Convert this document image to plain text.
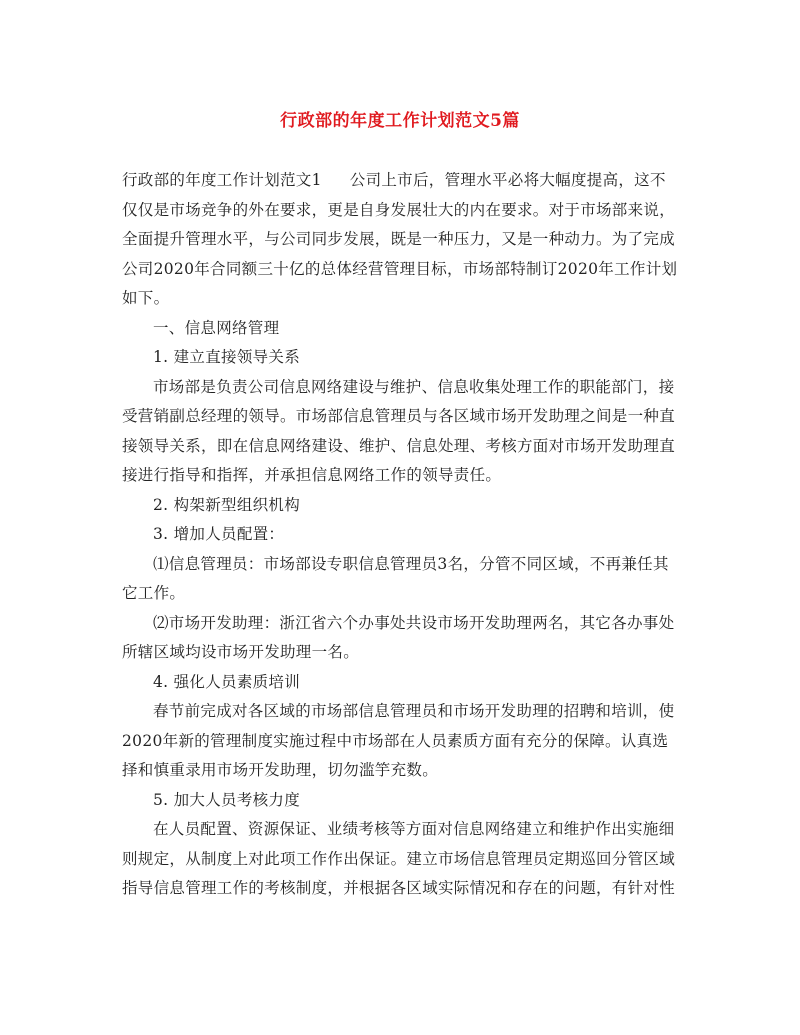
行政部的年度工作计划范文5篇

行政部的年度工作计划范文1 公司上市后，管理水平必将大幅度提高，这不仅仅是市场竞争的外在要求，更是自身发展壮大的内在要求。对于市场部来说，全面提升管理水平，与公司同步发展，既是一种压力，又是一种动力。为了完成公司2020年合同额三十亿的总体经营管理目标，市场部特制订2020年工作计划如下。

一、信息网络管理

1. 建立直接领导关系

市场部是负责公司信息网络建设与维护、信息收集处理工作的职能部门，接受营销副总经理的领导。市场部信息管理员与各区域市场开发助理之间是一种直接领导关系，即在信息网络建设、维护、信息处理、考核方面对市场开发助理直接进行指导和指挥，并承担信息网络工作的领导责任。

2. 构架新型组织机构

3. 增加人员配置：

⑴信息管理员：市场部设专职信息管理员3名，分管不同区域，不再兼任其它工作。

⑵市场开发助理：浙江省六个办事处共设市场开发助理两名，其它各办事处所辖区域均设市场开发助理一名。

4. 强化人员素质培训

春节前完成对各区域的市场部信息管理员和市场开发助理的招聘和培训，使2020年新的管理制度实施过程中市场部在人员素质方面有充分的保障。认真选择和慎重录用市场开发助理，切勿滥竽充数。

5. 加大人员考核力度

在人员配置、资源保证、业绩考核等方面对信息网络建立和维护作出实施细则规定，从制度上对此项工作作出保证。建立市场信息管理员定期巡回分管区域指导信息管理工作的考核制度，并根据各区域实际情况和存在的问题，有针对性
